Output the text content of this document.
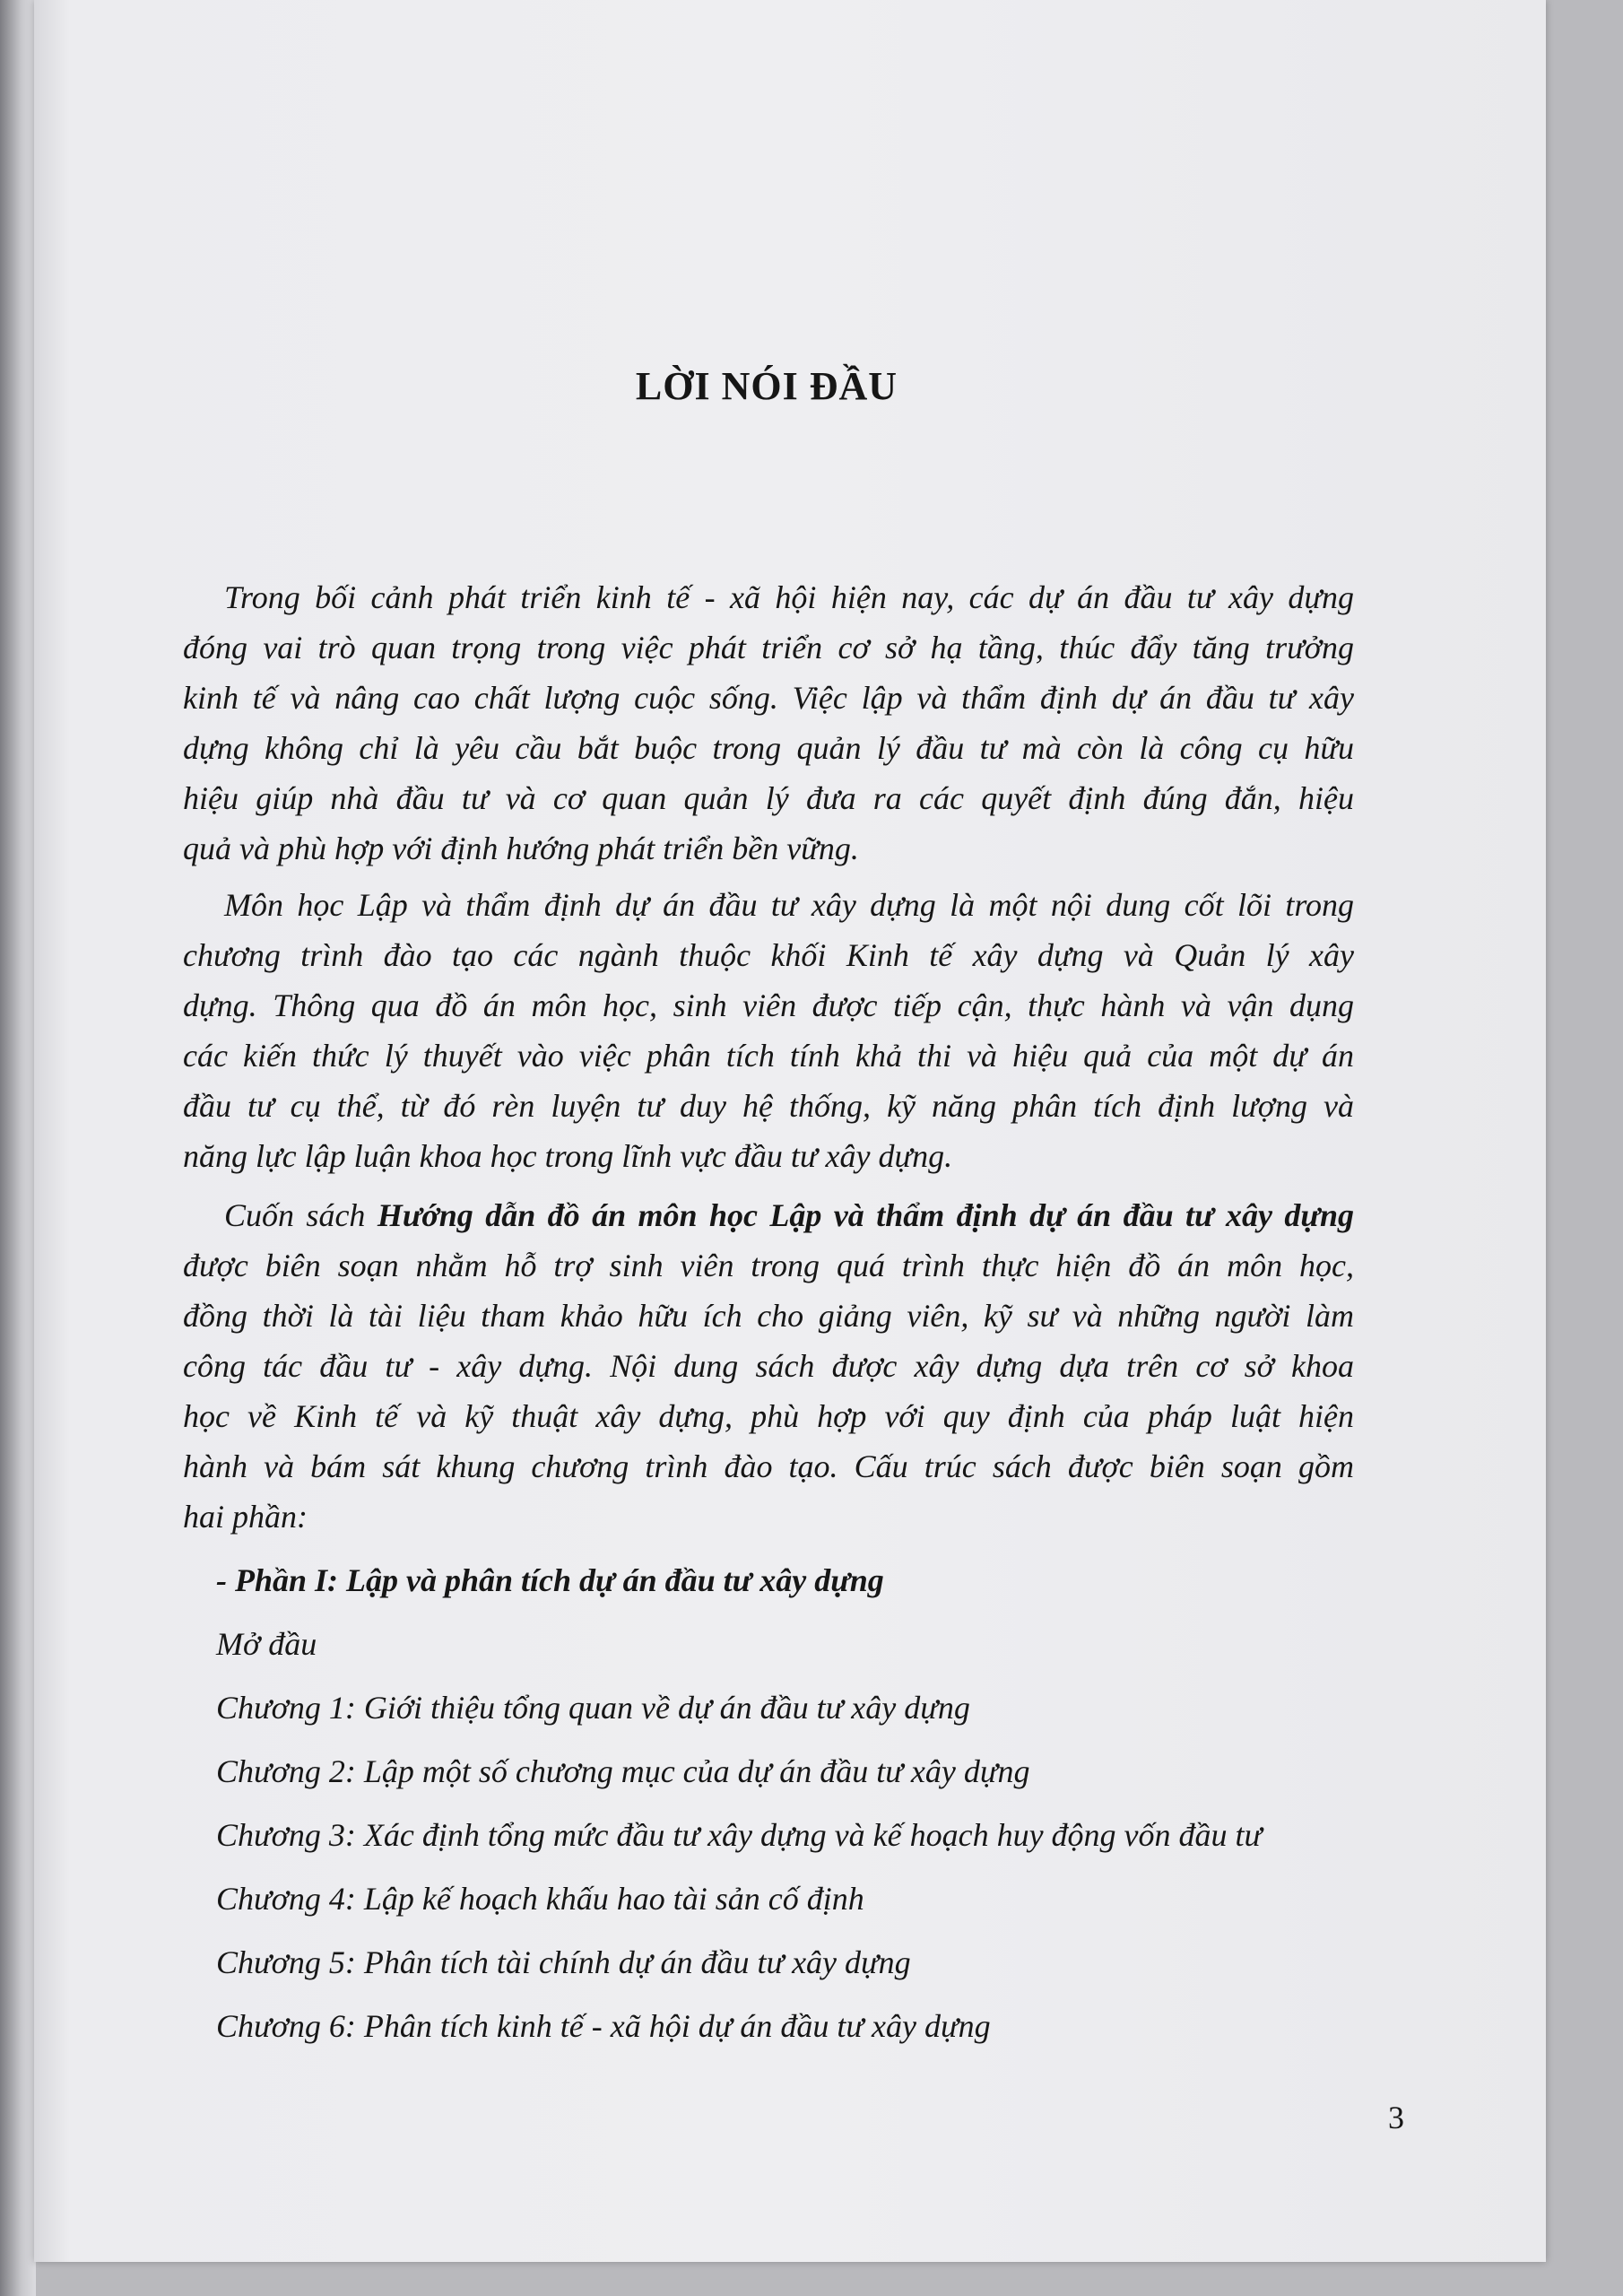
LỜI NÓI ĐẦU
Trong bối cảnh phát triển kinh tế - xã hội hiện nay, các dự án đầu tư xây dựng
đóng vai trò quan trọng trong việc phát triển cơ sở hạ tầng, thúc đẩy tăng trưởng
kinh tế và nâng cao chất lượng cuộc sống. Việc lập và thẩm định dự án đầu tư xây
dựng không chỉ là yêu cầu bắt buộc trong quản lý đầu tư mà còn là công cụ hữu
hiệu giúp nhà đầu tư và cơ quan quản lý đưa ra các quyết định đúng đắn, hiệu
quả và phù hợp với định hướng phát triển bền vững.
Môn học Lập và thẩm định dự án đầu tư xây dựng là một nội dung cốt lõi trong
chương trình đào tạo các ngành thuộc khối Kinh tế xây dựng và Quản lý xây
dựng. Thông qua đồ án môn học, sinh viên được tiếp cận, thực hành và vận dụng
các kiến thức lý thuyết vào việc phân tích tính khả thi và hiệu quả của một dự án
đầu tư cụ thể, từ đó rèn luyện tư duy hệ thống, kỹ năng phân tích định lượng và
năng lực lập luận khoa học trong lĩnh vực đầu tư xây dựng.
Cuốn sách Hướng dẫn đồ án môn học Lập và thẩm định dự án đầu tư xây dựng
được biên soạn nhằm hỗ trợ sinh viên trong quá trình thực hiện đồ án môn học,
đồng thời là tài liệu tham khảo hữu ích cho giảng viên, kỹ sư và những người làm
công tác đầu tư - xây dựng. Nội dung sách được xây dựng dựa trên cơ sở khoa
học về Kinh tế và kỹ thuật xây dựng, phù hợp với quy định của pháp luật hiện
hành và bám sát khung chương trình đào tạo. Cấu trúc sách được biên soạn gồm
hai phần:
- Phần I: Lập và phân tích dự án đầu tư xây dựng
Mở đầu
Chương 1: Giới thiệu tổng quan về dự án đầu tư xây dựng
Chương 2: Lập một số chương mục của dự án đầu tư xây dựng
Chương 3: Xác định tổng mức đầu tư xây dựng và kế hoạch huy động vốn đầu tư
Chương 4: Lập kế hoạch khấu hao tài sản cố định
Chương 5: Phân tích tài chính dự án đầu tư xây dựng
Chương 6: Phân tích kinh tế - xã hội dự án đầu tư xây dựng
3
